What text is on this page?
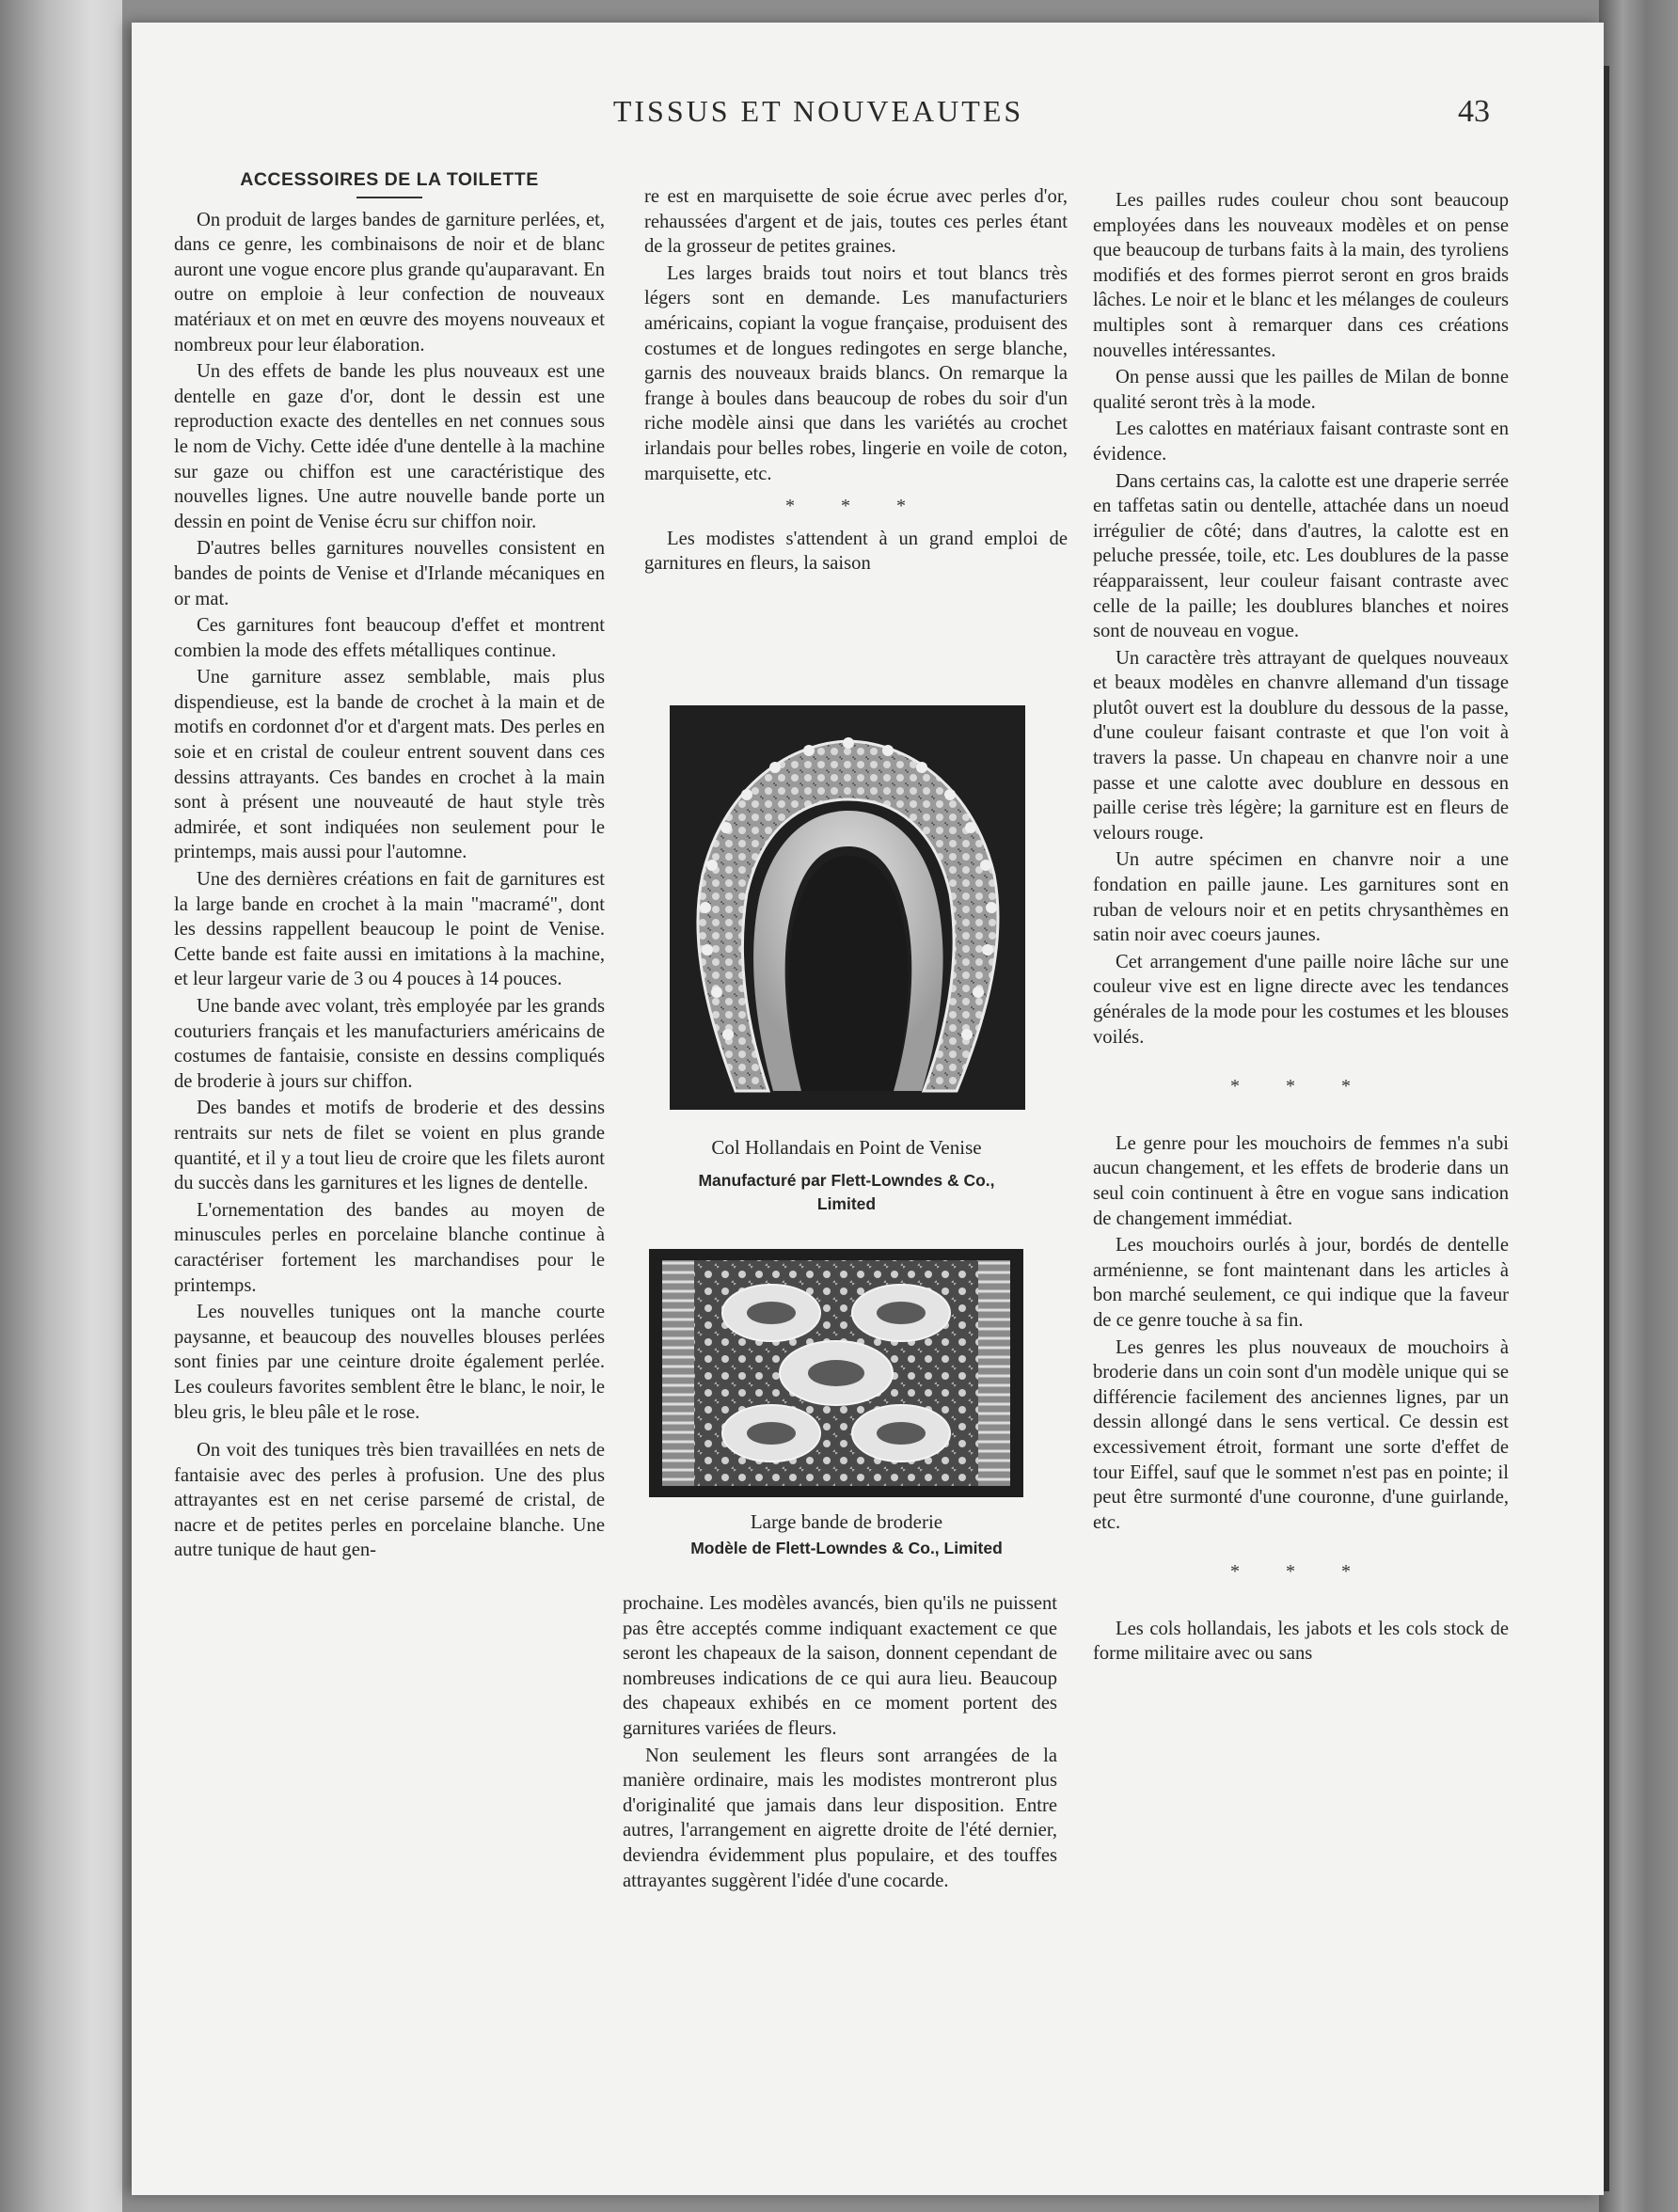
TISSUS ET NOUVEAUTES	43
ACCESSOIRES DE LA TOILETTE

On produit de larges bandes de garniture perlées, et, dans ce genre, les combinaisons de noir et de blanc auront une vogue encore plus grande qu'auparavant. En outre on emploie à leur confection de nouveaux matériaux et on met en œuvre des moyens nouveaux et nombreux pour leur élaboration.

Un des effets de bande les plus nouveaux est une dentelle en gaze d'or, dont le dessin est une reproduction exacte des dentelles en net connues sous le nom de Vichy. Cette idée d'une dentelle à la machine sur gaze ou chiffon est une caractéristique des nouvelles lignes. Une autre nouvelle bande porte un dessin en point de Venise écru sur chiffon noir.

D'autres belles garnitures nouvelles consistent en bandes de points de Venise et d'Irlande mécaniques en or mat.

Ces garnitures font beaucoup d'effet et montrent combien la mode des effets métalliques continue.

Une garniture assez semblable, mais plus dispendieuse, est la bande de crochet à la main et de motifs en cordonnet d'or et d'argent mats. Des perles en soie et en cristal de couleur entrent souvent dans ces dessins attrayants. Ces bandes en crochet à la main sont à présent une nouveauté de haut style très admirée, et sont indiquées non seulement pour le printemps, mais aussi pour l'automne.

Une des dernières créations en fait de garnitures est la large bande en crochet à la main "macramé", dont les dessins rappellent beaucoup le point de Venise. Cette bande est faite aussi en imitations à la machine, et leur largeur varie de 3 ou 4 pouces à 14 pouces.

Une bande avec volant, très employée par les grands couturiers français et les manufacturiers américains de costumes de fantaisie, consiste en dessins compliqués de broderie à jours sur chiffon.

Des bandes et motifs de broderie et des dessins rentraits sur nets de filet se voient en plus grande quantité, et il y a tout lieu de croire que les filets auront du succès dans les garnitures et les lignes de dentelle.

L'ornementation des bandes au moyen de minuscules perles en porcelaine blanche continue à caractériser fortement les marchandises pour le printemps.

Les nouvelles tuniques ont la manche courte paysanne, et beaucoup des nouvelles blouses perlées sont finies par une ceinture droite également perlée. Les couleurs favorites semblent être le blanc, le noir, le bleu gris, le bleu pâle et le rose.

On voit des tuniques très bien travaillées en nets de fantaisie avec des perles à profusion. Une des plus attrayantes est en net cerise parsemé de cristal, de nacre et de petites perles en porcelaine blanche. Une autre tunique de haut gen-

re est en marquisette de soie écrue avec perles d'or, rehaussées d'argent et de jais, toutes ces perles étant de la grosseur de petites graines.

Les larges braids tout noirs et tout blancs très légers sont en demande. Les manufacturiers américains, copiant la vogue française, produisent des costumes et de longues redingotes en serge blanche, garnis des nouveaux braids blancs. On remarque la frange à boules dans beaucoup de robes du soir d'un riche modèle ainsi que dans les variétés au crochet irlandais pour belles robes, lingerie en voile de coton, marquisette, etc.

* * *

Les modistes s'attendent à un grand emploi de garnitures en fleurs, la saison

Col Hollandais en Point de Venise
Manufacturé par Flett-Lowndes & Co.,
Limited
Large bande de broderie
Modèle de Flett-Lowndes & Co., Limited

prochaine. Les modèles avancés, bien qu'ils ne puissent pas être acceptés comme indiquant exactement ce que seront les chapeaux de la saison, donnent cependant de nombreuses indications de ce qui aura lieu. Beaucoup des chapeaux exhibés en ce moment portent des garnitures variées de fleurs.

Non seulement les fleurs sont arrangées de la manière ordinaire, mais les modistes montreront plus d'originalité que jamais dans leur disposition. Entre autres, l'arrangement en aigrette droite de l'été dernier, deviendra évidemment plus populaire, et des touffes attrayantes suggèrent l'idée d'une cocarde.

Les pailles rudes couleur chou sont beaucoup employées dans les nouveaux modèles et on pense que beaucoup de turbans faits à la main, des tyroliens modifiés et des formes pierrot seront en gros braids lâches. Le noir et le blanc et les mélanges de couleurs multiples sont à remarquer dans ces créations nouvelles intéressantes.

On pense aussi que les pailles de Milan de bonne qualité seront très à la mode.

Les calottes en matériaux faisant contraste sont en évidence.

Dans certains cas, la calotte est une draperie serrée en taffetas satin ou dentelle, attachée dans un noeud irrégulier de côté; dans d'autres, la calotte est en peluche pressée, toile, etc. Les doublures de la passe réapparaissent, leur couleur faisant contraste avec celle de la paille; les doublures blanches et noires sont de nouveau en vogue.

Un caractère très attrayant de quelques nouveaux et beaux modèles en chanvre allemand d'un tissage plutôt ouvert est la doublure du dessous de la passe, d'une couleur faisant contraste et que l'on voit à travers la passe. Un chapeau en chanvre noir a une passe et une calotte avec doublure en dessous en paille cerise très légère; la garniture est en fleurs de velours rouge.

Un autre spécimen en chanvre noir a une fondation en paille jaune. Les garnitures sont en ruban de velours noir et en petits chrysanthèmes en satin noir avec coeurs jaunes.

Cet arrangement d'une paille noire lâche sur une couleur vive est en ligne directe avec les tendances générales de la mode pour les costumes et les blouses voilés.

* * *

Le genre pour les mouchoirs de femmes n'a subi aucun changement, et les effets de broderie dans un seul coin continuent à être en vogue sans indication de changement immédiat.

Les mouchoirs ourlés à jour, bordés de dentelle arménienne, se font maintenant dans les articles à bon marché seulement, ce qui indique que la faveur de ce genre touche à sa fin.

Les genres les plus nouveaux de mouchoirs à broderie dans un coin sont d'un modèle unique qui se différencie facilement des anciennes lignes, par un dessin allongé dans le sens vertical. Ce dessin est excessivement étroit, formant une sorte d'effet de tour Eiffel, sauf que le sommet n'est pas en pointe; il peut être surmonté d'une couronne, d'une guirlande, etc.

* * *

Les cols hollandais, les jabots et les cols stock de forme militaire avec ou sans
